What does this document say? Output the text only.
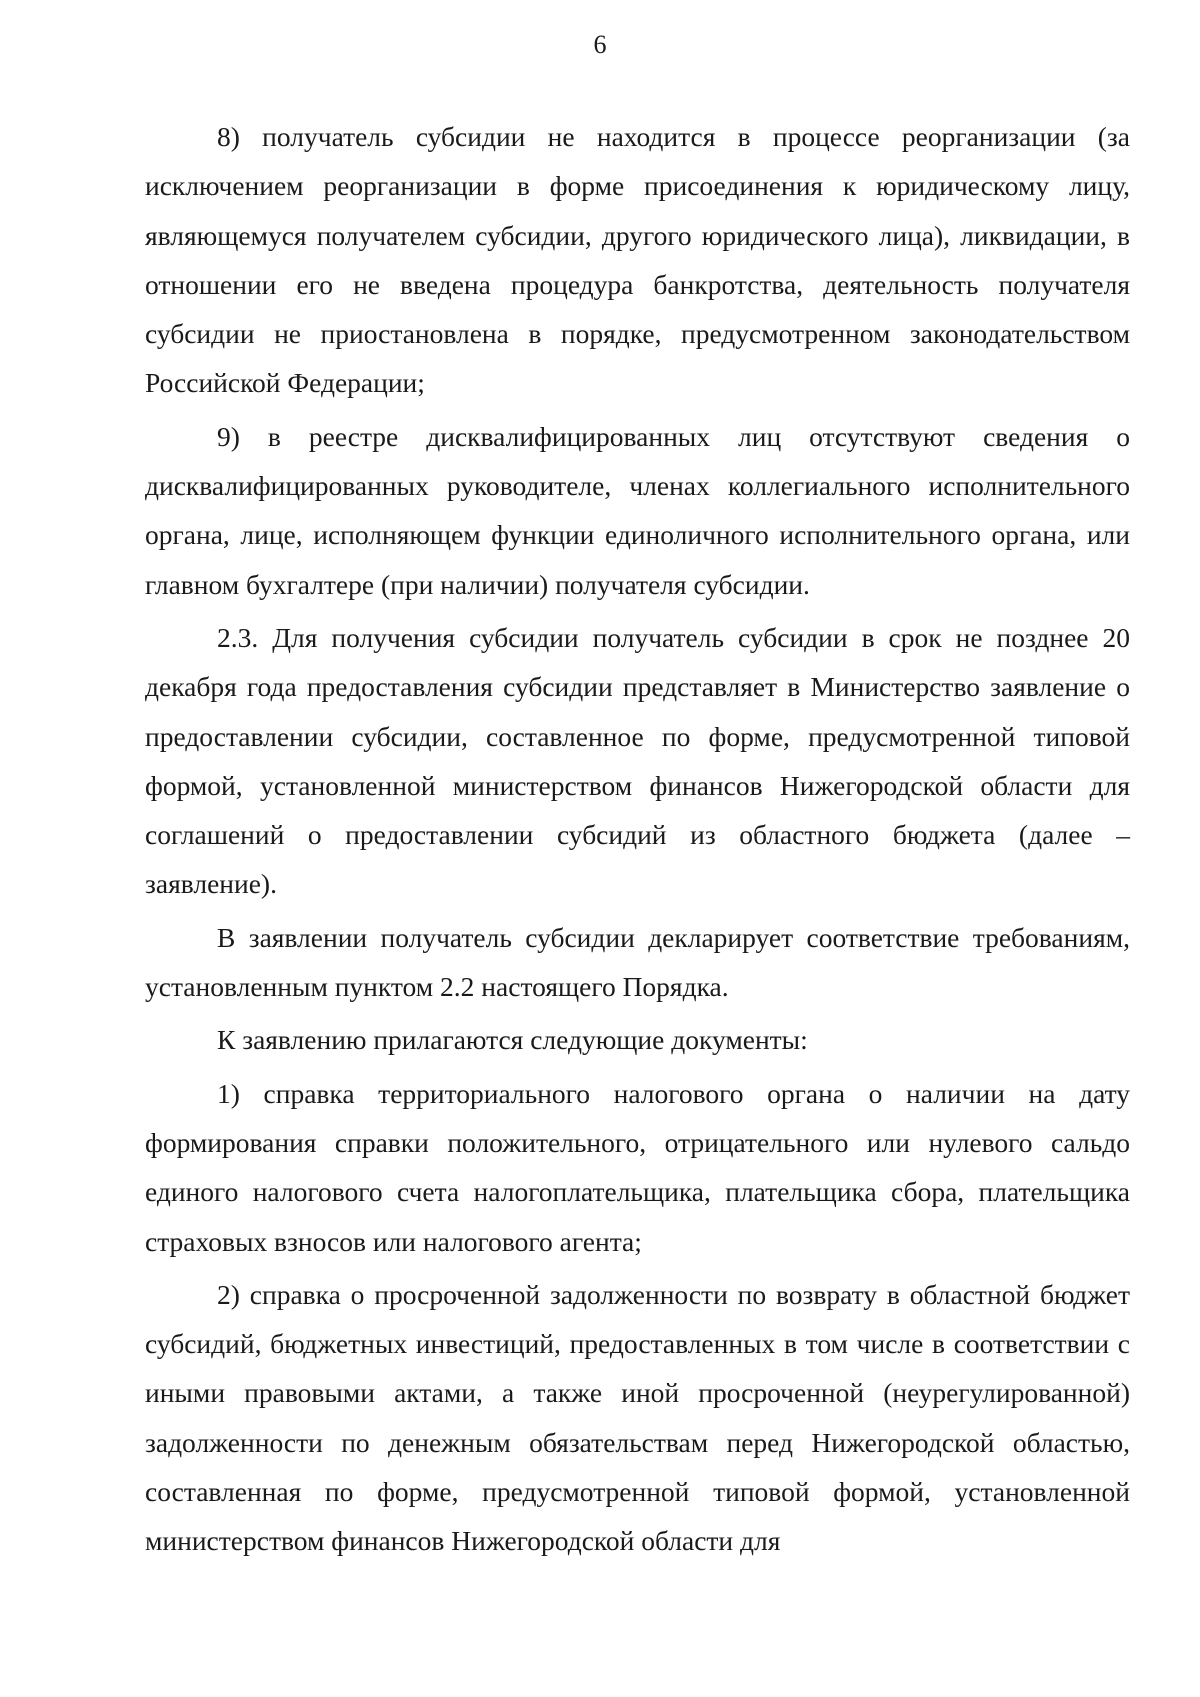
6

8) получатель субсидии не находится в процессе реорганизации (за исключением реорганизации в форме присоединения к юридическому лицу, являющемуся получателем субсидии, другого юридического лица), ликвидации, в отношении его не введена процедура банкротства, деятельность получателя субсидии не приостановлена в порядке, предусмотренном законодательством Российской Федерации;

9) в реестре дисквалифицированных лиц отсутствуют сведения о дисквалифицированных руководителе, членах коллегиального исполнительного органа, лице, исполняющем функции единоличного исполнительного органа, или главном бухгалтере (при наличии) получателя субсидии.

2.3. Для получения субсидии получатель субсидии в срок не позднее 20 декабря года предоставления субсидии представляет в Министерство заявление о предоставлении субсидии, составленное по форме, предусмотренной типовой формой, установленной министерством финансов Нижегородской области для соглашений о предоставлении субсидий из областного бюджета (далее – заявление).

В заявлении получатель субсидии декларирует соответствие требованиям, установленным пунктом 2.2 настоящего Порядка.

К заявлению прилагаются следующие документы:

1) справка территориального налогового органа о наличии на дату формирования справки положительного, отрицательного или нулевого сальдо единого налогового счета налогоплательщика, плательщика сбора, плательщика страховых взносов или налогового агента;

2) справка о просроченной задолженности по возврату в областной бюджет субсидий, бюджетных инвестиций, предоставленных в том числе в соответствии с иными правовыми актами, а также иной просроченной (неурегулированной) задолженности по денежным обязательствам перед Нижегородской областью, составленная по форме, предусмотренной типовой формой, установленной министерством финансов Нижегородской области для
